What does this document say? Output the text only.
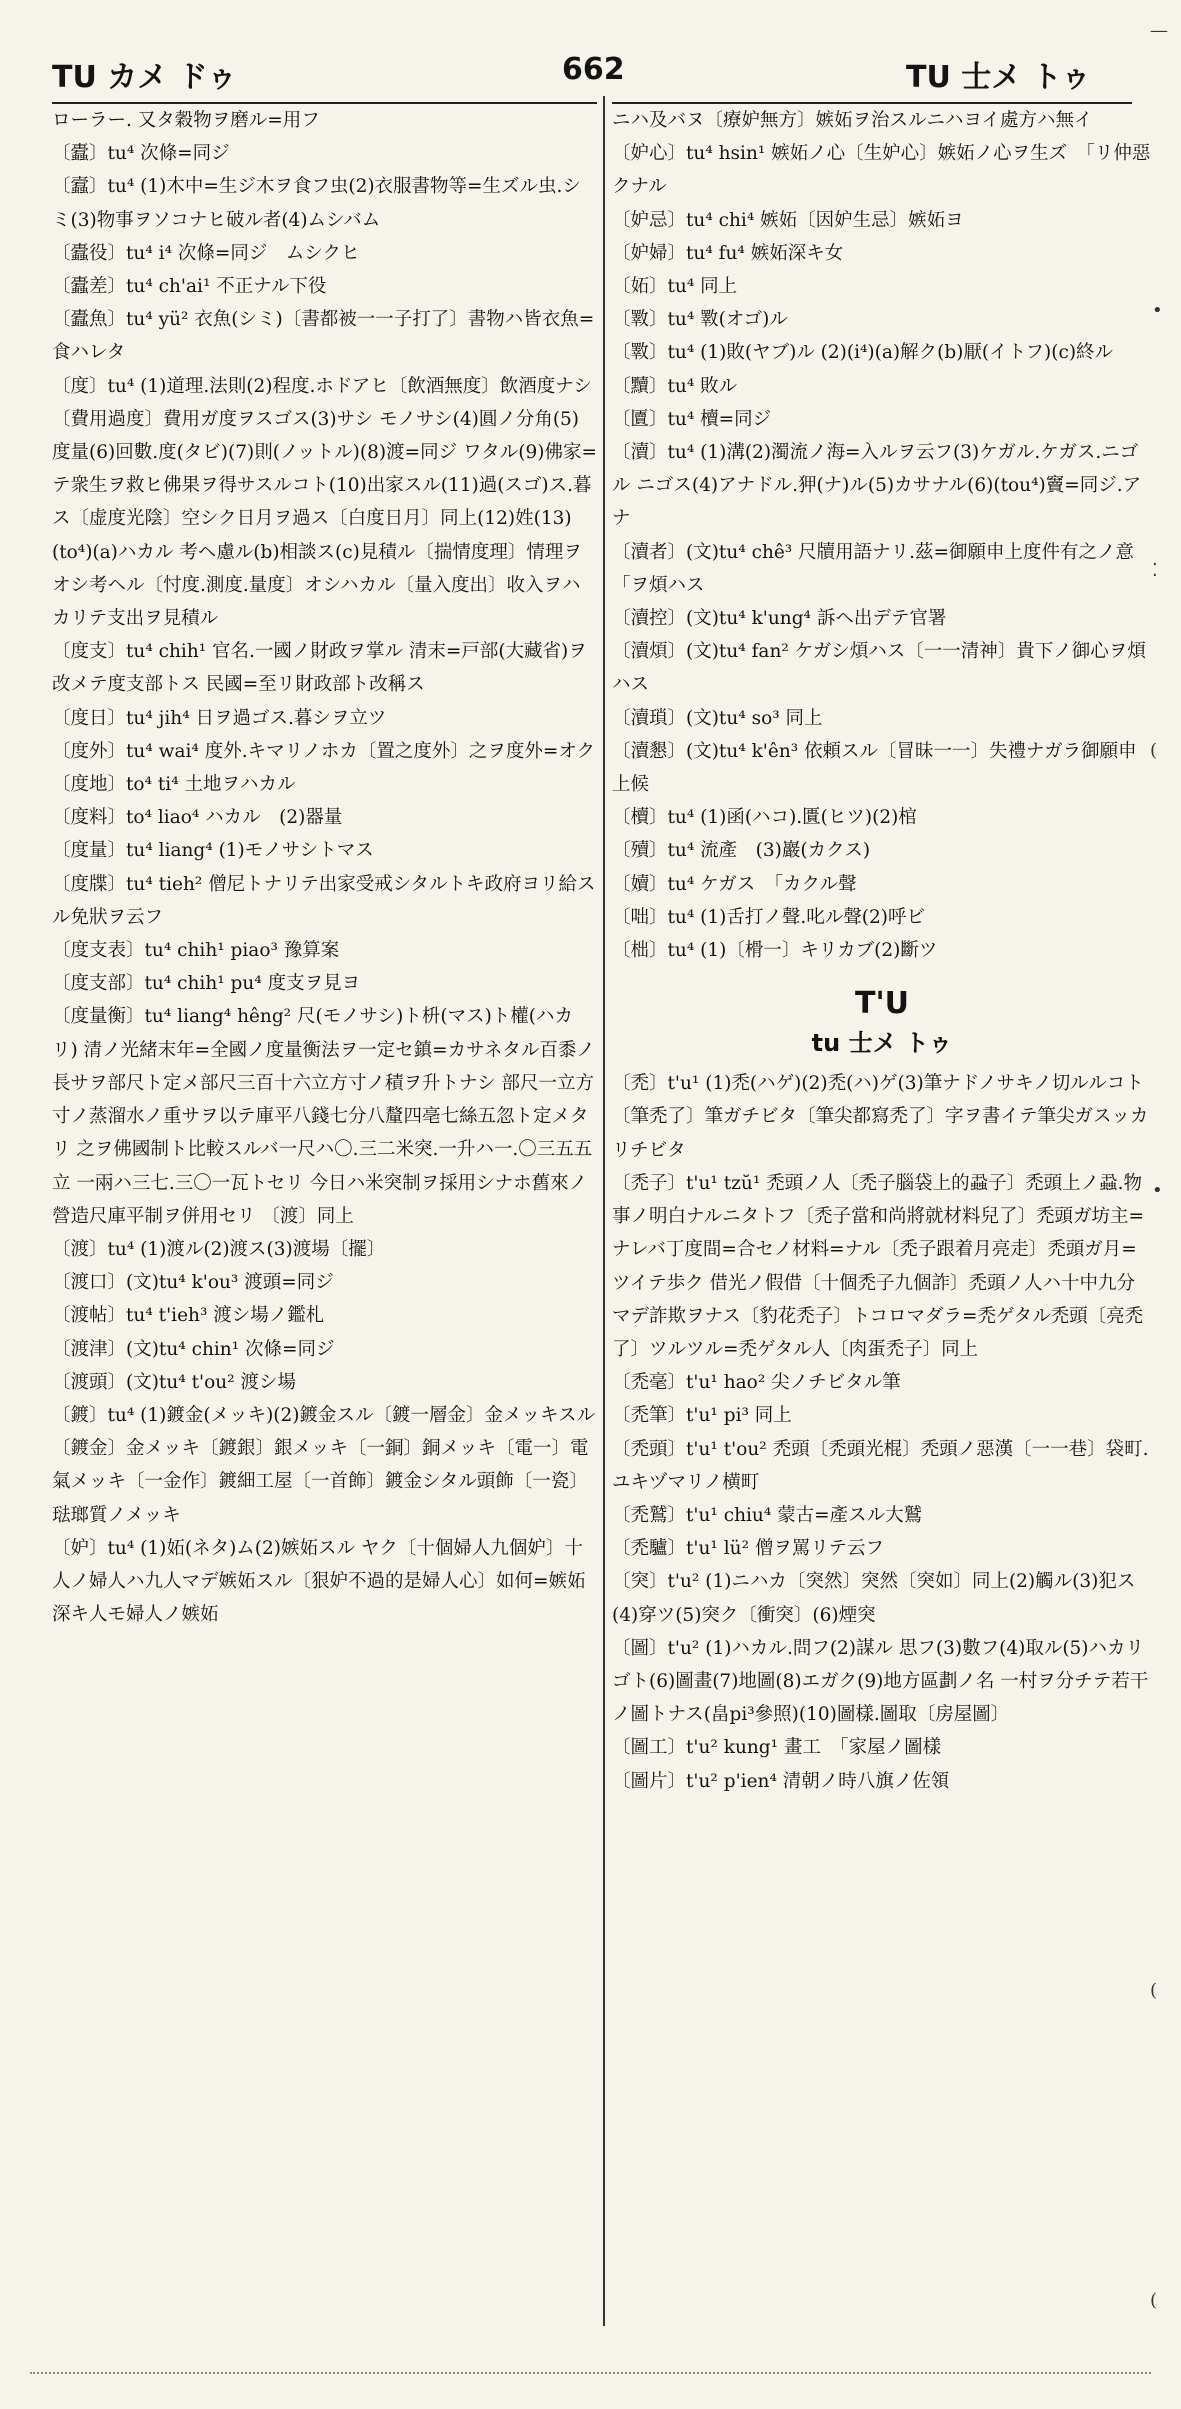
TU カメ ドゥ	662	TU 士メ トゥ

ローラー. 又タ穀物ヲ磨ル=用フ

〔蠹〕tu⁴ 次條=同ジ

〔蠧〕tu⁴ (1)木中=生ジ木ヲ食フ虫(2)衣服書物等=生ズル虫.シミ(3)物事ヲソコナヒ破ル者(4)ムシバム

〔蠹役〕tu⁴ i⁴ 次條=同ジ　ムシクヒ

〔蠹差〕tu⁴ ch'ai¹ 不正ナル下役

〔蠹魚〕tu⁴ yü² 衣魚(シミ)〔書都被一一子打了〕書物ハ皆衣魚=食ハレタ

〔度〕tu⁴ (1)道理.法則(2)程度.ホドアヒ〔飲酒無度〕飲酒度ナシ〔費用過度〕費用ガ度ヲスゴス(3)サシ モノサシ(4)圓ノ分角(5)度量(6)回數.度(タビ)(7)則(ノットル)(8)渡=同ジ ワタル(9)佛家=テ衆生ヲ救ヒ佛果ヲ得サスルコト(10)出家スル(11)過(スゴ)ス.暮ス〔虚度光陰〕空シク日月ヲ過ス〔白度日月〕同上(12)姓(13)(to⁴)(a)ハカル 考ヘ慮ル(b)相談ス(c)見積ル〔揣情度理〕情理ヲオシ考ヘル〔忖度.測度.量度〕オシハカル〔量入度出〕收入ヲハカリテ支出ヲ見積ル

〔度支〕tu⁴ chih¹ 官名.一國ノ財政ヲ掌ル 清末=戸部(大藏省)ヲ改メテ度支部トス 民國=至リ財政部ト改稱ス

〔度日〕tu⁴ jih⁴ 日ヲ過ゴス.暮シヲ立ツ

〔度外〕tu⁴ wai⁴ 度外.キマリノホカ〔置之度外〕之ヲ度外=オク

〔度地〕to⁴ ti⁴ 土地ヲハカル

〔度料〕to⁴ liao⁴ ハカル　(2)器量

〔度量〕tu⁴ liang⁴ (1)モノサシトマス

〔度牒〕tu⁴ tieh² 僧尼トナリテ出家受戒シタルトキ政府ヨリ給スル免狀ヲ云フ

〔度支表〕tu⁴ chih¹ piao³ 豫算案

〔度支部〕tu⁴ chih¹ pu⁴ 度支ヲ見ヨ

〔度量衡〕tu⁴ liang⁴ hêng² 尺(モノサシ)ト枡(マス)ト權(ハカリ) 清ノ光緒末年=全國ノ度量衡法ヲ一定セ鎮=カサネタル百黍ノ長サヲ部尺ト定メ部尺三百十六立方寸ノ積ヲ升トナシ 部尺一立方寸ノ蒸溜水ノ重サヲ以テ庫平八錢七分八釐四亳七絲五忽ト定メタリ 之ヲ佛國制ト比較スルバ一尺ハ〇.三二米突.一升ハ一.〇三五五立 一兩ハ三七.三〇一瓦トセリ 今日ハ米突制ヲ採用シナホ舊來ノ營造尺庫平制ヲ併用セリ 〔渡〕同上

〔渡〕tu⁴ (1)渡ル(2)渡ス(3)渡場〔擺〕

〔渡口〕(文)tu⁴ k'ou³ 渡頭=同ジ

〔渡帖〕tu⁴ t'ieh³ 渡シ場ノ鑑札

〔渡津〕(文)tu⁴ chin¹ 次條=同ジ

〔渡頭〕(文)tu⁴ t'ou² 渡シ場

〔鍍〕tu⁴ (1)鍍金(メッキ)(2)鍍金スル〔鍍一層金〕金メッキスル〔鍍金〕金メッキ〔鍍銀〕銀メッキ〔一銅〕銅メッキ〔電一〕電氣メッキ〔一金作〕鍍細工屋〔一首飾〕鍍金シタル頭飾〔一瓷〕琺瑯質ノメッキ

〔妒〕tu⁴ (1)妬(ネタ)ム(2)嫉妬スル ヤク〔十個婦人九個妒〕十人ノ婦人ハ九人マデ嫉妬スル〔狠妒不過的是婦人心〕如何=嫉妬深キ人モ婦人ノ嫉妬

ニハ及バヌ〔療妒無方〕嫉妬ヲ治スルニハヨイ處方ハ無イ

〔妒心〕tu⁴ hsin¹ 嫉妬ノ心〔生妒心〕嫉妬ノ心ヲ生ズ　「リ仲惡クナル

〔妒忌〕tu⁴ chi⁴ 嫉妬〔因妒生忌〕嫉妬ヨ

〔妒婦〕tu⁴ fu⁴ 嫉妬深キ女

〔妬〕tu⁴ 同上

〔斁〕tu⁴ 斁(オゴ)ル

〔斁〕tu⁴ (1)敗(ヤブ)ル (2)(i⁴)(a)解ク(b)厭(イトフ)(c)終ル

〔黷〕tu⁴ 敗ル

〔匵〕tu⁴ 櫝=同ジ

〔瀆〕tu⁴ (1)溝(2)濁流ノ海=入ルヲ云フ(3)ケガル.ケガス.ニゴル ニゴス(4)アナドル.狎(ナ)ル(5)カサナル(6)(tou⁴)竇=同ジ.アナ

〔瀆者〕(文)tu⁴ chê³ 尺牘用語ナリ.茲=御願申上度件有之ノ意 「ヲ煩ハス

〔瀆控〕(文)tu⁴ k'ung⁴ 訴ヘ出デテ官署

〔瀆煩〕(文)tu⁴ fan² ケガシ煩ハス〔一一清神〕貴下ノ御心ヲ煩ハス

〔瀆瑣〕(文)tu⁴ so³ 同上

〔瀆懇〕(文)tu⁴ k'ên³ 依頼スル〔冒昧一一〕失禮ナガラ御願申上候

〔櫝〕tu⁴ (1)函(ハコ).匱(ヒツ)(2)棺

〔殰〕tu⁴ 流產　(3)巖(カクス)

〔嬻〕tu⁴ ケガス　「カクル聲

〔咄〕tu⁴ (1)舌打ノ聲.叱ル聲(2)呼ビ

〔柮〕tu⁴ (1)〔榾一〕キリカブ(2)斷ツ

T'U
tu 士メ トゥ

〔禿〕t'u¹ (1)禿(ハゲ)(2)禿(ハ)ゲ(3)筆ナドノサキノ切ルルコト〔筆禿了〕筆ガチビタ〔筆尖都寫禿了〕字ヲ書イテ筆尖ガスッカリチビタ

〔禿子〕t'u¹ tzŭ¹ 禿頭ノ人〔禿子腦袋上的蝨子〕禿頭上ノ蝨.物事ノ明白ナルニタトフ〔禿子當和尚將就材料兒了〕禿頭ガ坊主=ナレバ丁度間=合セノ材料=ナル〔禿子跟着月亮走〕禿頭ガ月=ツイテ歩ク 借光ノ假借〔十個禿子九個詐〕禿頭ノ人ハ十中九分マデ詐欺ヲナス〔豹花禿子〕トコロマダラ=禿ゲタル禿頭〔亮禿了〕ツルツル=禿ゲタル人〔肉蛋禿子〕同上

〔禿毫〕t'u¹ hao² 尖ノチビタル筆

〔禿筆〕t'u¹ pi³ 同上

〔禿頭〕t'u¹ t'ou² 禿頭〔禿頭光棍〕禿頭ノ惡漢〔一一巷〕袋町.ユキヅマリノ横町

〔禿鷲〕t'u¹ chiu⁴ 蒙古=產スル大鷲

〔禿驢〕t'u¹ lü² 僧ヲ罵リテ云フ

〔突〕t'u² (1)ニハカ〔突然〕突然〔突如〕同上(2)觸ル(3)犯ス(4)穿ツ(5)突ク〔衝突〕(6)煙突

〔圖〕t'u² (1)ハカル.問フ(2)謀ル 思フ(3)數フ(4)取ル(5)ハカリゴト(6)圖畫(7)地圖(8)エガク(9)地方區劃ノ名 一村ヲ分チテ若干ノ圖トナス(畠pi³參照)(10)圖樣.圖取〔房屋圖〕

〔圖工〕t'u² kung¹ 畫工　「家屋ノ圖樣

〔圖片〕t'u² p'ien⁴ 清朝ノ時八旗ノ佐領

—
•
⁚
(
•
(
(
